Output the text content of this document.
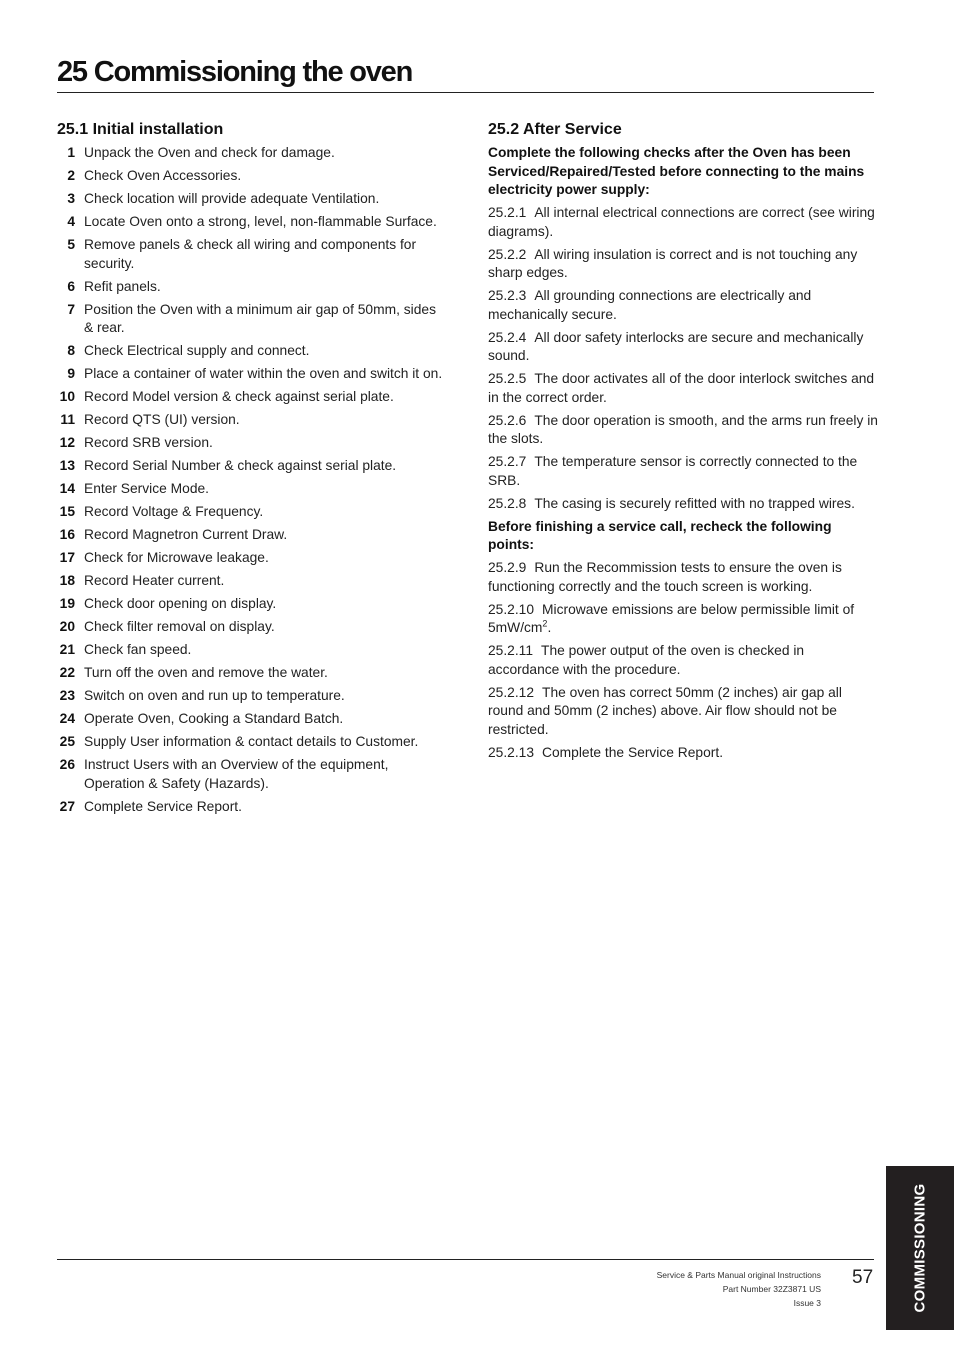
25 Commissioning the oven
25.1 Initial installation
1 Unpack the Oven and check for damage.
2 Check Oven Accessories.
3 Check location will provide adequate Ventilation.
4 Locate Oven onto a strong, level, non-flammable Surface.
5 Remove panels & check all wiring and components for security.
6 Refit panels.
7 Position the Oven with a minimum air gap of 50mm, sides & rear.
8 Check Electrical supply and connect.
9 Place a container of water within the oven and switch it on.
10 Record Model version & check against serial plate.
11 Record QTS (UI) version.
12 Record SRB version.
13 Record Serial Number & check against serial plate.
14 Enter Service Mode.
15 Record Voltage & Frequency.
16 Record Magnetron Current Draw.
17 Check for Microwave leakage.
18 Record Heater current.
19 Check door opening on display.
20 Check filter removal on display.
21 Check fan speed.
22 Turn off the oven and remove the water.
23 Switch on oven and run up to temperature.
24 Operate Oven, Cooking a Standard Batch.
25 Supply User information & contact details to Customer.
26 Instruct Users with an Overview of the equipment, Operation & Safety (Hazards).
27 Complete Service Report.
25.2 After Service

Complete the following checks after the Oven has been Serviced/Repaired/Tested before connecting to the mains electricity power supply:

25.2.1 All internal electrical connections are correct (see wiring diagrams).

25.2.2 All wiring insulation is correct and is not touching any sharp edges.

25.2.3 All grounding connections are electrically and mechanically secure.

25.2.4 All door safety interlocks are secure and mechanically sound.

25.2.5 The door activates all of the door interlock switches and in the correct order.

25.2.6 The door operation is smooth, and the arms run freely in the slots.

25.2.7 The temperature sensor is correctly connected to the SRB.

25.2.8 The casing is securely refitted with no trapped wires.

Before finishing a service call, recheck the following points:

25.2.9 Run the Recommission tests to ensure the oven is functioning correctly and the touch screen is working.

25.2.10 Microwave emissions are below permissible limit of $5mW/cm^2$.

25.2.11 The power output of the oven is checked in accordance with the procedure.

25.2.12 The oven has correct 50mm (2 inches) air gap all round and 50mm (2 inches) above. Air flow should not be restricted.

25.2.13 Complete the Service Report.

Service & Parts Manual original Instructions
Part Number 32Z3871 US
Issue 3
57	COMMISSIONING
